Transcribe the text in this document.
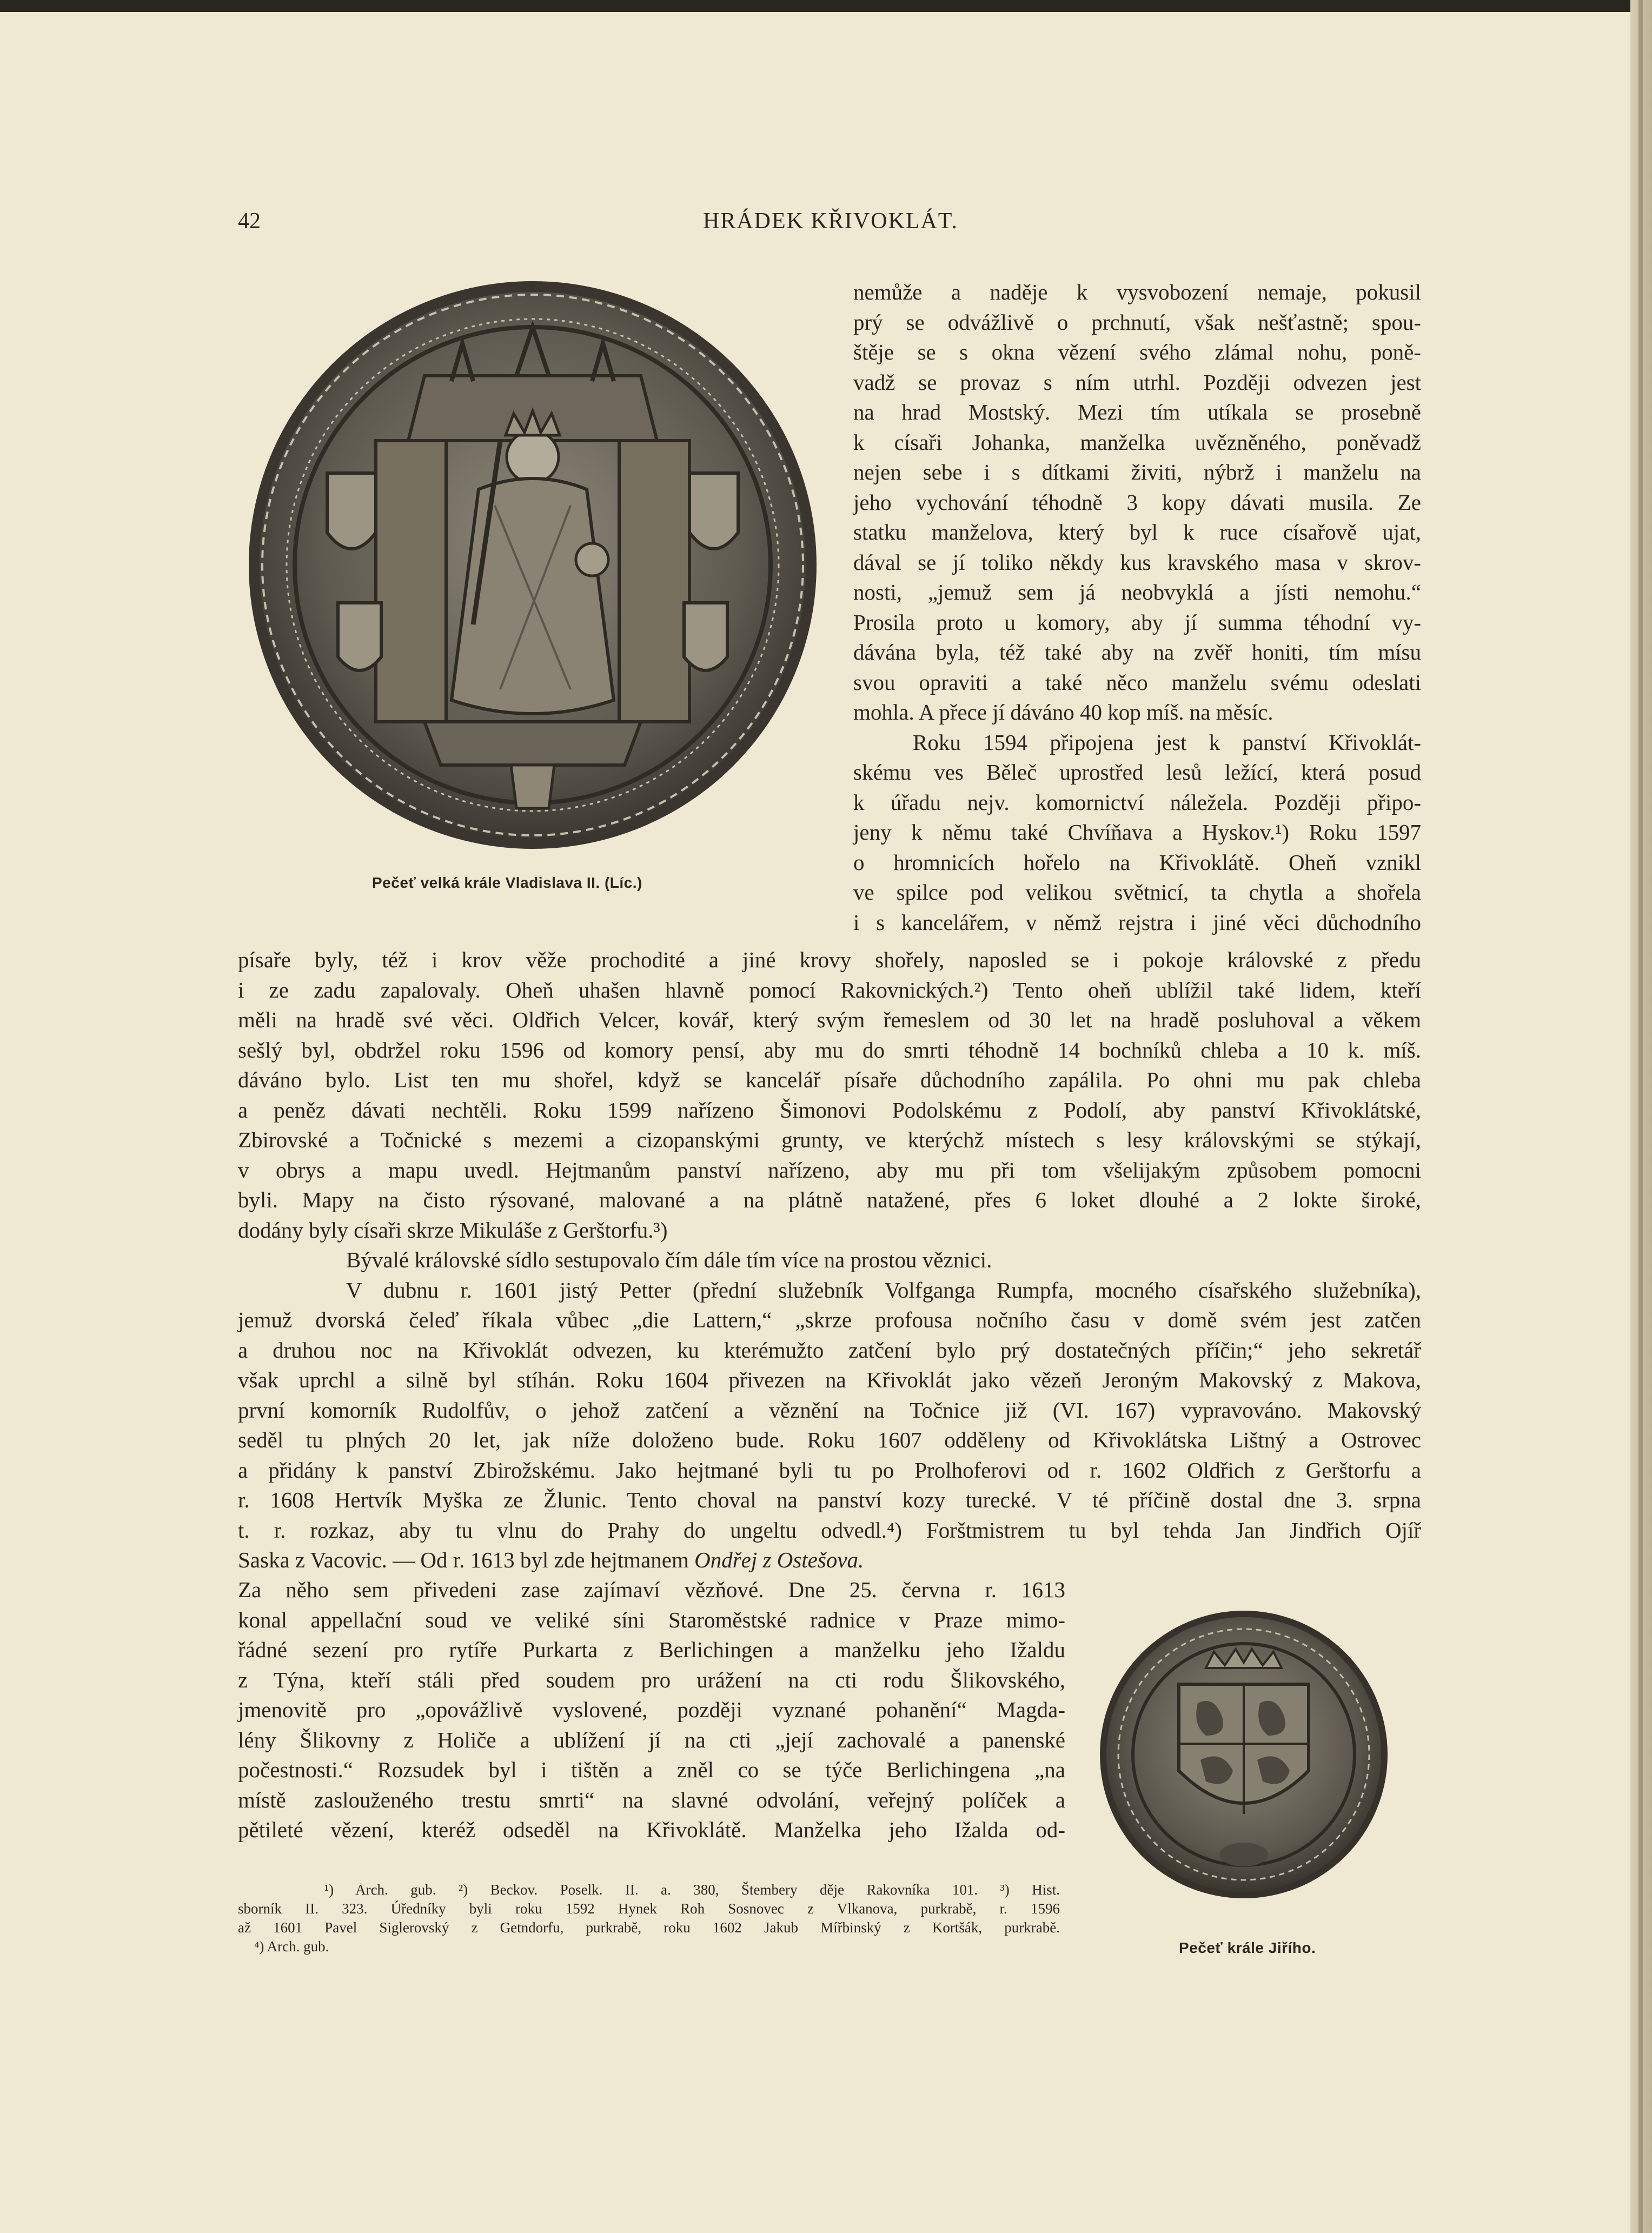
42	HRÁDEK KŘIVOKLÁT.
Pečeť velká krále Vladislava II. (Líc.)
nemůže a naděje k vysvobození nemaje, pokusil
prý se odvážlivě o prchnutí, však nešťastně; spou-
štěje se s okna vězení svého zlámal nohu, poně-
vadž se provaz s ním utrhl. Později odvezen jest
na hrad Mostský. Mezi tím utíkala se prosebně
k císaři Johanka, manželka uvězněného, poněvadž
nejen sebe i s dítkami živiti, nýbrž i manželu na
jeho vychování téhodně 3 kopy dávati musila. Ze
statku manželova, který byl k ruce císařově ujat,
dával se jí toliko někdy kus kravského masa v skrov-
nosti, „jemuž sem já neobvyklá a jísti nemohu.“
Prosila proto u komory, aby jí summa téhodní vy-
dávána byla, též také aby na zvěř honiti, tím mísu
svou opraviti a také něco manželu svému odeslati
mohla. A přece jí dáváno 40 kop míš. na měsíc.
Roku 1594 připojena jest k panství Křivoklát-
skému ves Běleč uprostřed lesů ležící, která posud
k úřadu nejv. komornictví náležela. Později připo-
jeny k němu také Chvíňava a Hyskov.¹) Roku 1597
o hromnicích hořelo na Křivoklátě. Oheň vznikl
ve spilce pod velikou světnicí, ta chytla a shořela
i s kancelářem, v němž rejstra i jiné věci důchodního
písaře byly, též i krov věže prochodité a jiné krovy shořely, naposled se i pokoje královské z předu
i ze zadu zapalovaly. Oheň uhašen hlavně pomocí Rakovnických.²) Tento oheň ublížil také lidem, kteří
měli na hradě své věci. Oldřich Velcer, kovář, který svým řemeslem od 30 let na hradě posluhoval a věkem
sešlý byl, obdržel roku 1596 od komory pensí, aby mu do smrti téhodně 14 bochníků chleba a 10 k. míš.
dáváno bylo. List ten mu shořel, když se kancelář písaře důchodního zapálila. Po ohni mu pak chleba
a peněz dávati nechtěli. Roku 1599 nařízeno Šimonovi Podolskému z Podolí, aby panství Křivoklátské,
Zbirovské a Točnické s mezemi a cizopanskými grunty, ve kterýchž místech s lesy královskými se stýkají,
v obrys a mapu uvedl. Hejtmanům panství nařízeno, aby mu při tom všelijakým způsobem pomocni
byli. Mapy na čisto rýsované, malované a na plátně natažené, přes 6 loket dlouhé a 2 lokte široké,
dodány byly císaři skrze Mikuláše z Gerštorfu.³)
Bývalé královské sídlo sestupovalo čím dále tím více na prostou věznici.
V dubnu r. 1601 jistý Petter (přední služebník Volfganga Rumpfa, mocného císařského služebníka),
jemuž dvorská čeleď říkala vůbec „die Lattern,“ „skrze profousa nočního času v domě svém jest zatčen
a druhou noc na Křivoklát odvezen, ku kterémužto zatčení bylo prý dostatečných příčin;“ jeho sekretář
však uprchl a silně byl stíhán. Roku 1604 přivezen na Křivoklát jako vězeň Jeroným Makovský z Makova,
první komorník Rudolfův, o jehož zatčení a věznění na Točnice již (VI. 167) vypravováno. Makovský
seděl tu plných 20 let, jak níže doloženo bude. Roku 1607 odděleny od Křivoklátska Lištný a Ostrovec
a přidány k panství Zbirožskému. Jako hejtmané byli tu po Prolhoferovi od r. 1602 Oldřich z Gerštorfu a
r. 1608 Hertvík Myška ze Žlunic. Tento choval na panství kozy turecké. V té příčině dostal dne 3. srpna
t. r. rozkaz, aby tu vlnu do Prahy do ungeltu odvedl.⁴) Forštmistrem tu byl tehda Jan Jindřich Ojíř
Saska z Vacovic. — Od r. 1613 byl zde hejtmanem Ondřej z Ostešova.
Za něho sem přivedeni zase zajímaví vězňové. Dne 25. června r. 1613
konal appellační soud ve veliké síni Staroměstské radnice v Praze mimo-
řádné sezení pro rytíře Purkarta z Berlichingen a manželku jeho Ižaldu
z Týna, kteří stáli před soudem pro urážení na cti rodu Šlikovského,
jmenovitě pro „opovážlivě vyslovené, později vyznané pohanění“ Magda-
lény Šlikovny z Holiče a ublížení jí na cti „její zachovalé a panenské
počestnosti.“ Rozsudek byl i tištěn a zněl co se týče Berlichingena „na
místě zaslouženého trestu smrti“ na slavné odvolání, veřejný políček a
pětileté vězení, kteréž odseděl na Křivoklátě. Manželka jeho Ižalda od-
Pečeť krále Jiřího.
¹) Arch. gub. ²) Beckov. Poselk. II. a. 380, Štembery děje Rakovníka 101. ³) Hist.
sborník II. 323. Úředníky byli roku 1592 Hynek Roh Sosnovec z Vlkanova, purkrabě, r. 1596
až 1601 Pavel Siglerovský z Getndorfu, purkrabě, roku 1602 Jakub Mířbinský z Kortšák, purkrabě.
⁴) Arch. gub.
